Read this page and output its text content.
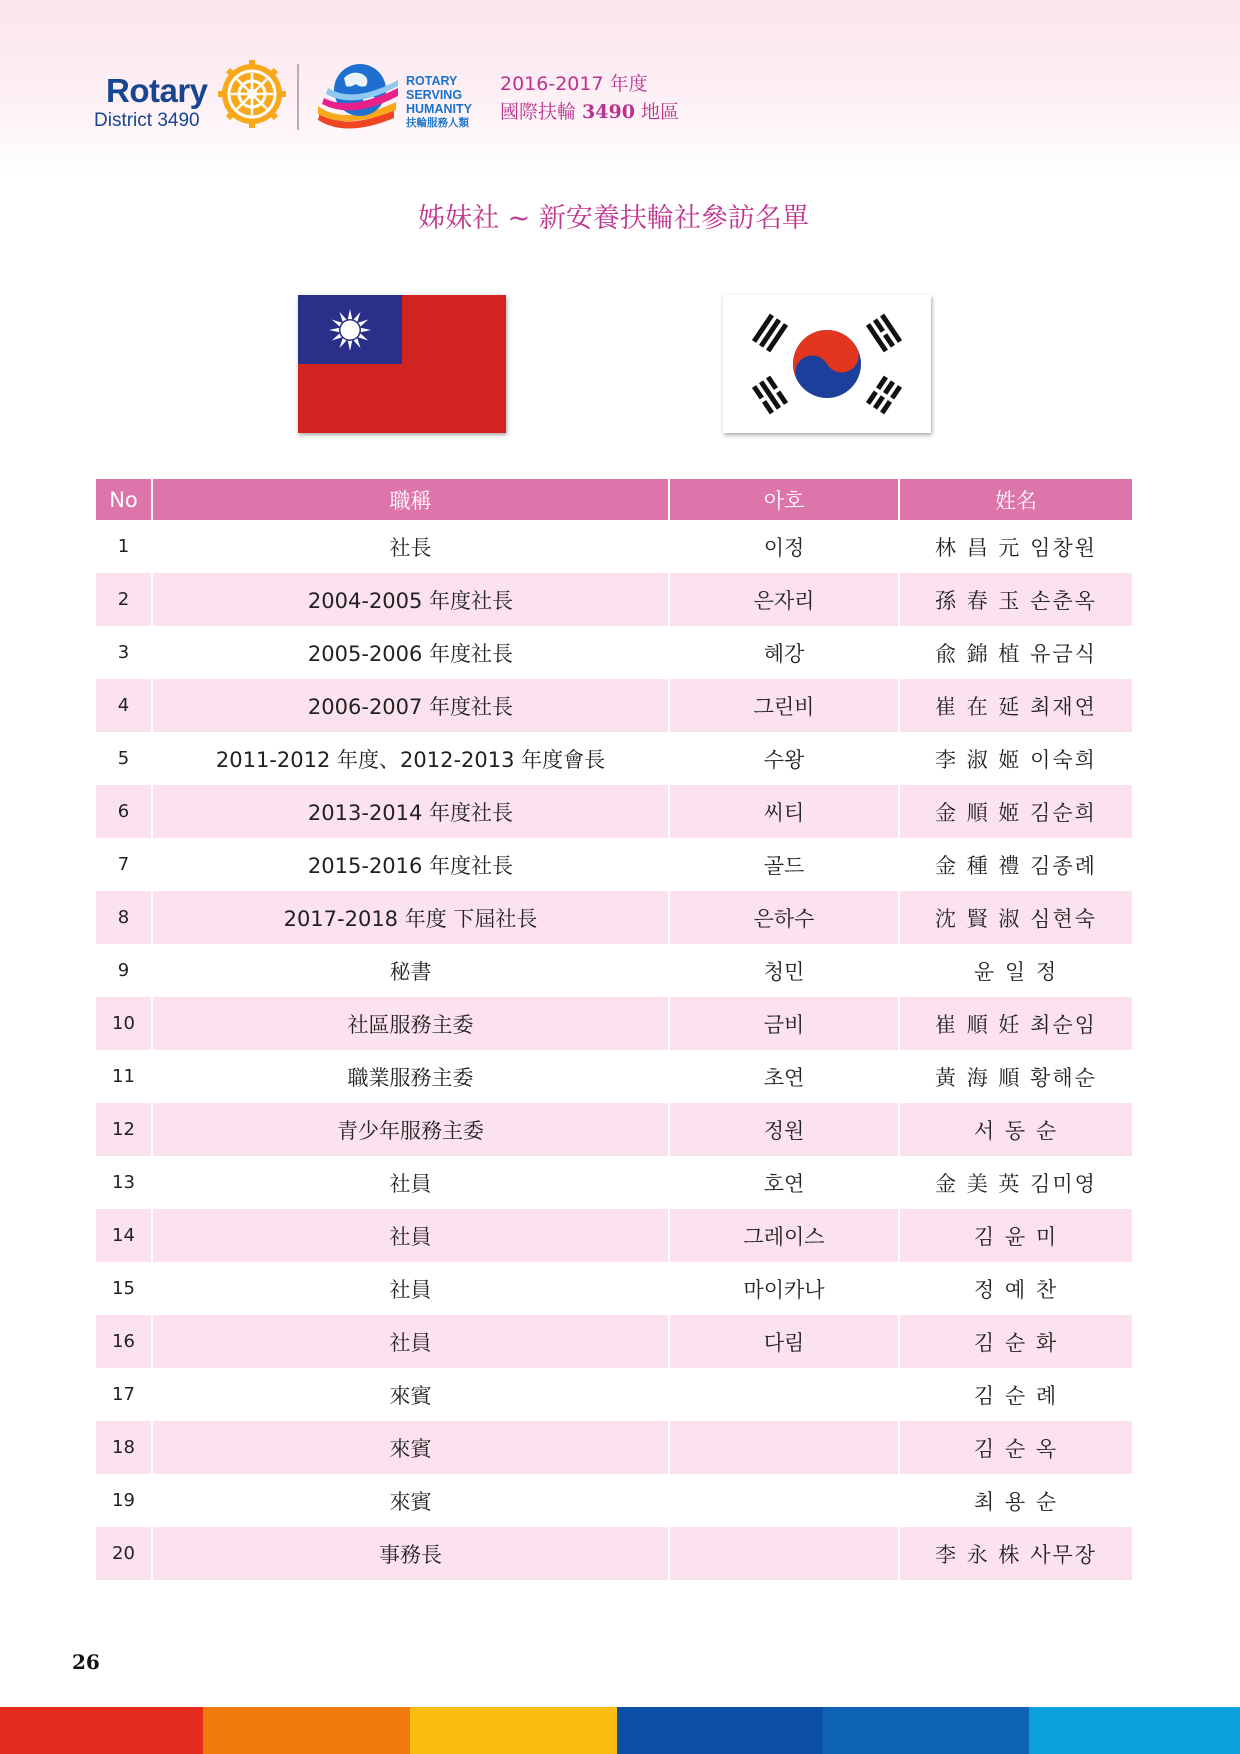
Rotary
District 3490
ROTARY
SERVING
HUMANITY
扶輪服務人類
2016-2017 年度
國際扶輪 3490 地區
姊妹社 ~ 新安養扶輪社參訪名單
No	職稱	아호	姓名
1	社長	이정	林 昌 元 임창원
2	2004-2005 年度社長	은자리	孫 春 玉 손춘옥
3	2005-2006 年度社長	혜강	兪 錦 植 유금식
4	2006-2007 年度社長	그린비	崔 在 延 최재연
5	2011-2012 年度、2012-2013 年度會長	수왕	李 淑 姬 이숙희
6	2013-2014 年度社長	씨티	金 順 姬 김순희
7	2015-2016 年度社長	골드	金 種 禮 김종례
8	2017-2018 年度 下屆社長	은하수	沈 賢 淑 심현숙
9	秘書	청민	윤 일 정
10	社區服務主委	금비	崔 順 妊 최순임
11	職業服務主委	초연	黃 海 順 황해순
12	青少年服務主委	정원	서 동 순
13	社員	호연	金 美 英 김미영
14	社員	그레이스	김 윤 미
15	社員	마이카나	정 예 찬
16	社員	다림	김 순 화
17	來賓		김 순 례
18	來賓		김 순 옥
19	來賓		최 용 순
20	事務長		李 永 株 사무장
26
